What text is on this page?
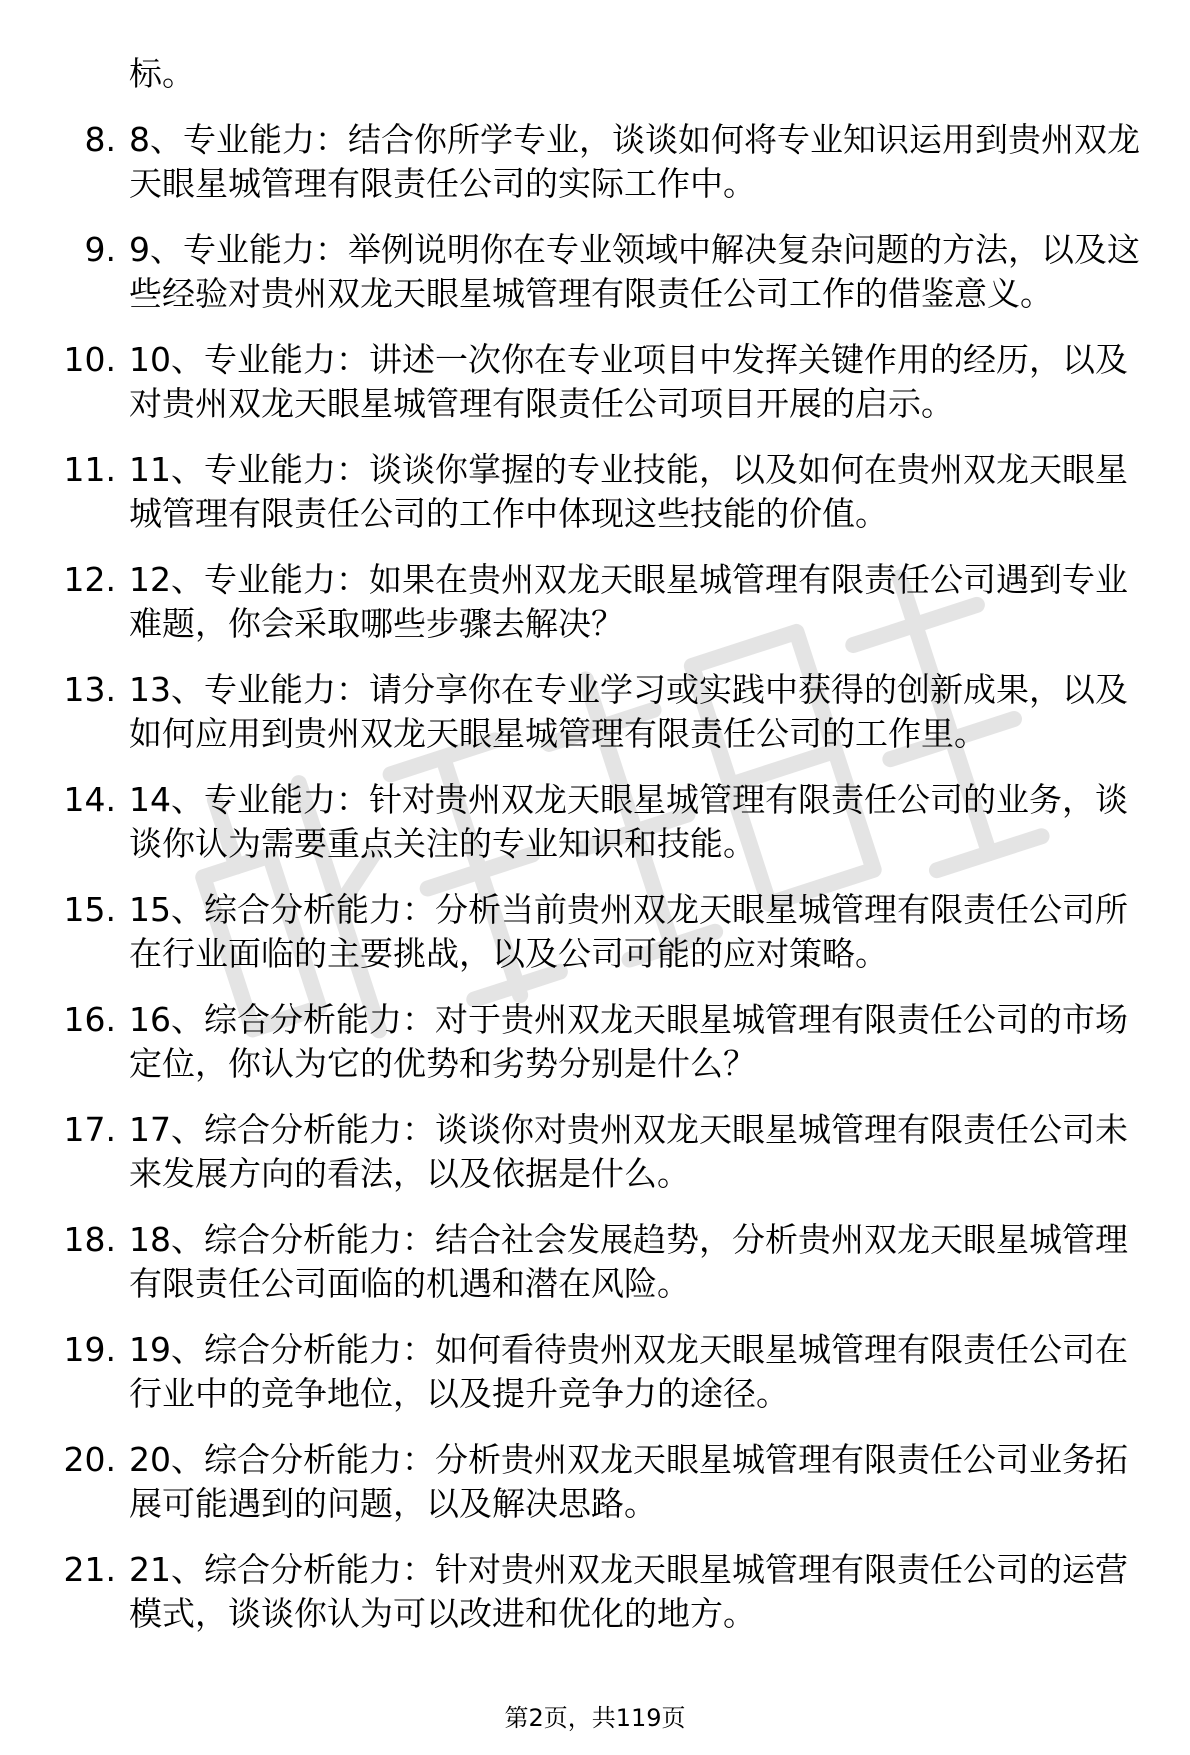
标。
8. 8、专业能力：结合你所学专业，谈谈如何将专业知识运用到贵州双龙天眼星城管理有限责任公司的实际工作中。
9. 9、专业能力：举例说明你在专业领域中解决复杂问题的方法，以及这些经验对贵州双龙天眼星城管理有限责任公司工作的借鉴意义。
10. 10、专业能力：讲述一次你在专业项目中发挥关键作用的经历，以及对贵州双龙天眼星城管理有限责任公司项目开展的启示。
11. 11、专业能力：谈谈你掌握的专业技能，以及如何在贵州双龙天眼星城管理有限责任公司的工作中体现这些技能的价值。
12. 12、专业能力：如果在贵州双龙天眼星城管理有限责任公司遇到专业难题，你会采取哪些步骤去解决？
13. 13、专业能力：请分享你在专业学习或实践中获得的创新成果，以及如何应用到贵州双龙天眼星城管理有限责任公司的工作里。
14. 14、专业能力：针对贵州双龙天眼星城管理有限责任公司的业务，谈谈你认为需要重点关注的专业知识和技能。
15. 15、综合分析能力：分析当前贵州双龙天眼星城管理有限责任公司所在行业面临的主要挑战，以及公司可能的应对策略。
16. 16、综合分析能力：对于贵州双龙天眼星城管理有限责任公司的市场定位，你认为它的优势和劣势分别是什么？
17. 17、综合分析能力：谈谈你对贵州双龙天眼星城管理有限责任公司未来发展方向的看法，以及依据是什么。
18. 18、综合分析能力：结合社会发展趋势，分析贵州双龙天眼星城管理有限责任公司面临的机遇和潜在风险。
19. 19、综合分析能力：如何看待贵州双龙天眼星城管理有限责任公司在行业中的竞争地位，以及提升竞争力的途径。
20. 20、综合分析能力：分析贵州双龙天眼星城管理有限责任公司业务拓展可能遇到的问题，以及解决思路。
21. 21、综合分析能力：针对贵州双龙天眼星城管理有限责任公司的运营模式，谈谈你认为可以改进和优化的地方。
第2页，共119页
